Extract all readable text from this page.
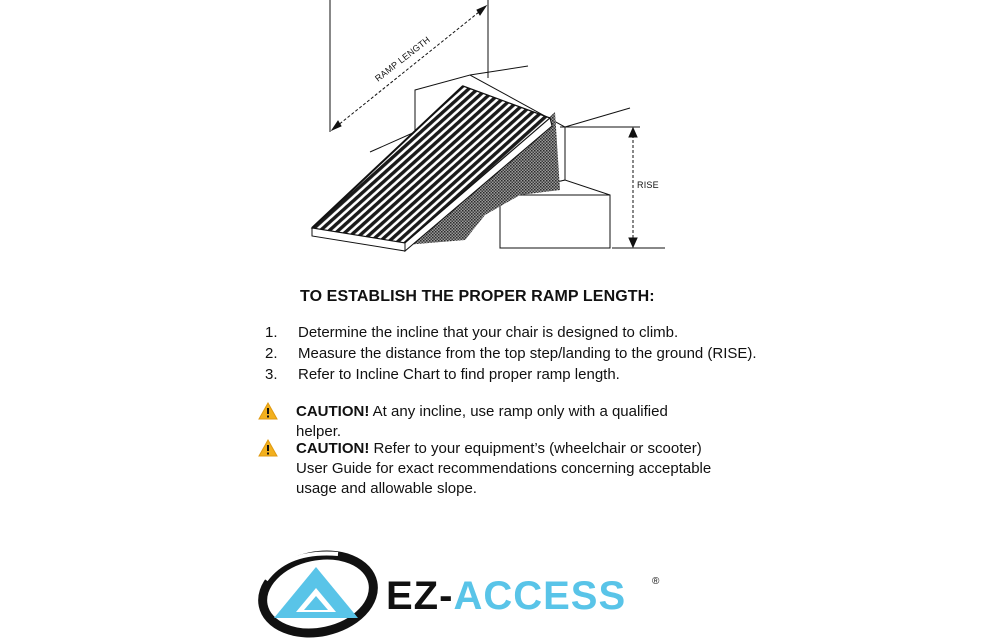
RAMP LENGTH
RISE
TO ESTABLISH THE PROPER RAMP LENGTH:
1.	Determine the incline that your chair is designed to climb.
2.	Measure the distance from the top step/landing to the ground (RISE).
3.	Refer to Incline Chart to find proper ramp length.
CAUTION! At any incline, use ramp only with a qualified helper.
CAUTION! Refer to your equipment’s (wheelchair or scooter) User Guide for exact recommendations concerning acceptable usage and allowable slope.
EZ-ACCESS	®
